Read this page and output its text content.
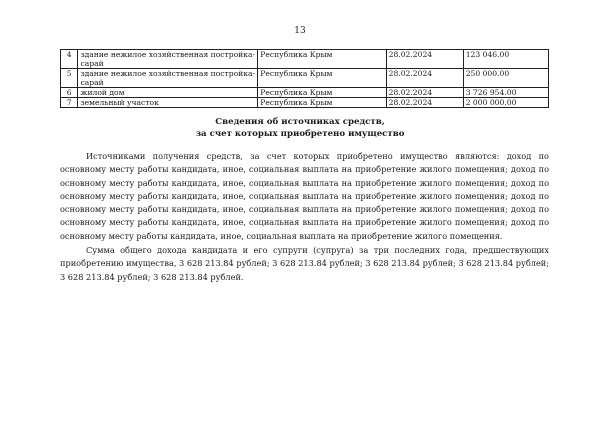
13
4	здание нежилое хозяйственная постройка-сарай	Республика Крым	28.02.2024	123 046.00
5	здание нежилое хозяйственная постройка-сарай	Республика Крым	28.02.2024	250 000.00
6	жилой дом	Республика Крым	28.02.2024	3 726 954.00
7	земельный участок	Республика Крым	28.02.2024	2 000 000.00
Сведения об источниках средств,
за счет которых приобретено имущество

Источниками получения средств, за счет которых приобретено имущество являются: доход по основному месту работы кандидата, иное, социальная выплата на приобретение жилого помещения; доход по основному месту работы кандидата, иное, социальная выплата на приобретение жилого помещения; доход по основному месту работы кандидата, иное, социальная выплата на приобретение жилого помещения; доход по основному месту работы кандидата, иное, социальная выплата на приобретение жилого помещения; доход по основному месту работы кандидата, иное, социальная выплата на приобретение жилого помещения; доход по основному месту работы кандидата, иное, социальная выплата на приобретение жилого помещения.

Сумма общего дохода кандидата и его супруги (супруга) за три последних года, предшествующих приобретению имущества, 3 628 213.84 рублей; 3 628 213.84 рублей; 3 628 213.84 рублей; 3 628 213.84 рублей; 3 628 213.84 рублей; 3 628 213.84 рублей.
